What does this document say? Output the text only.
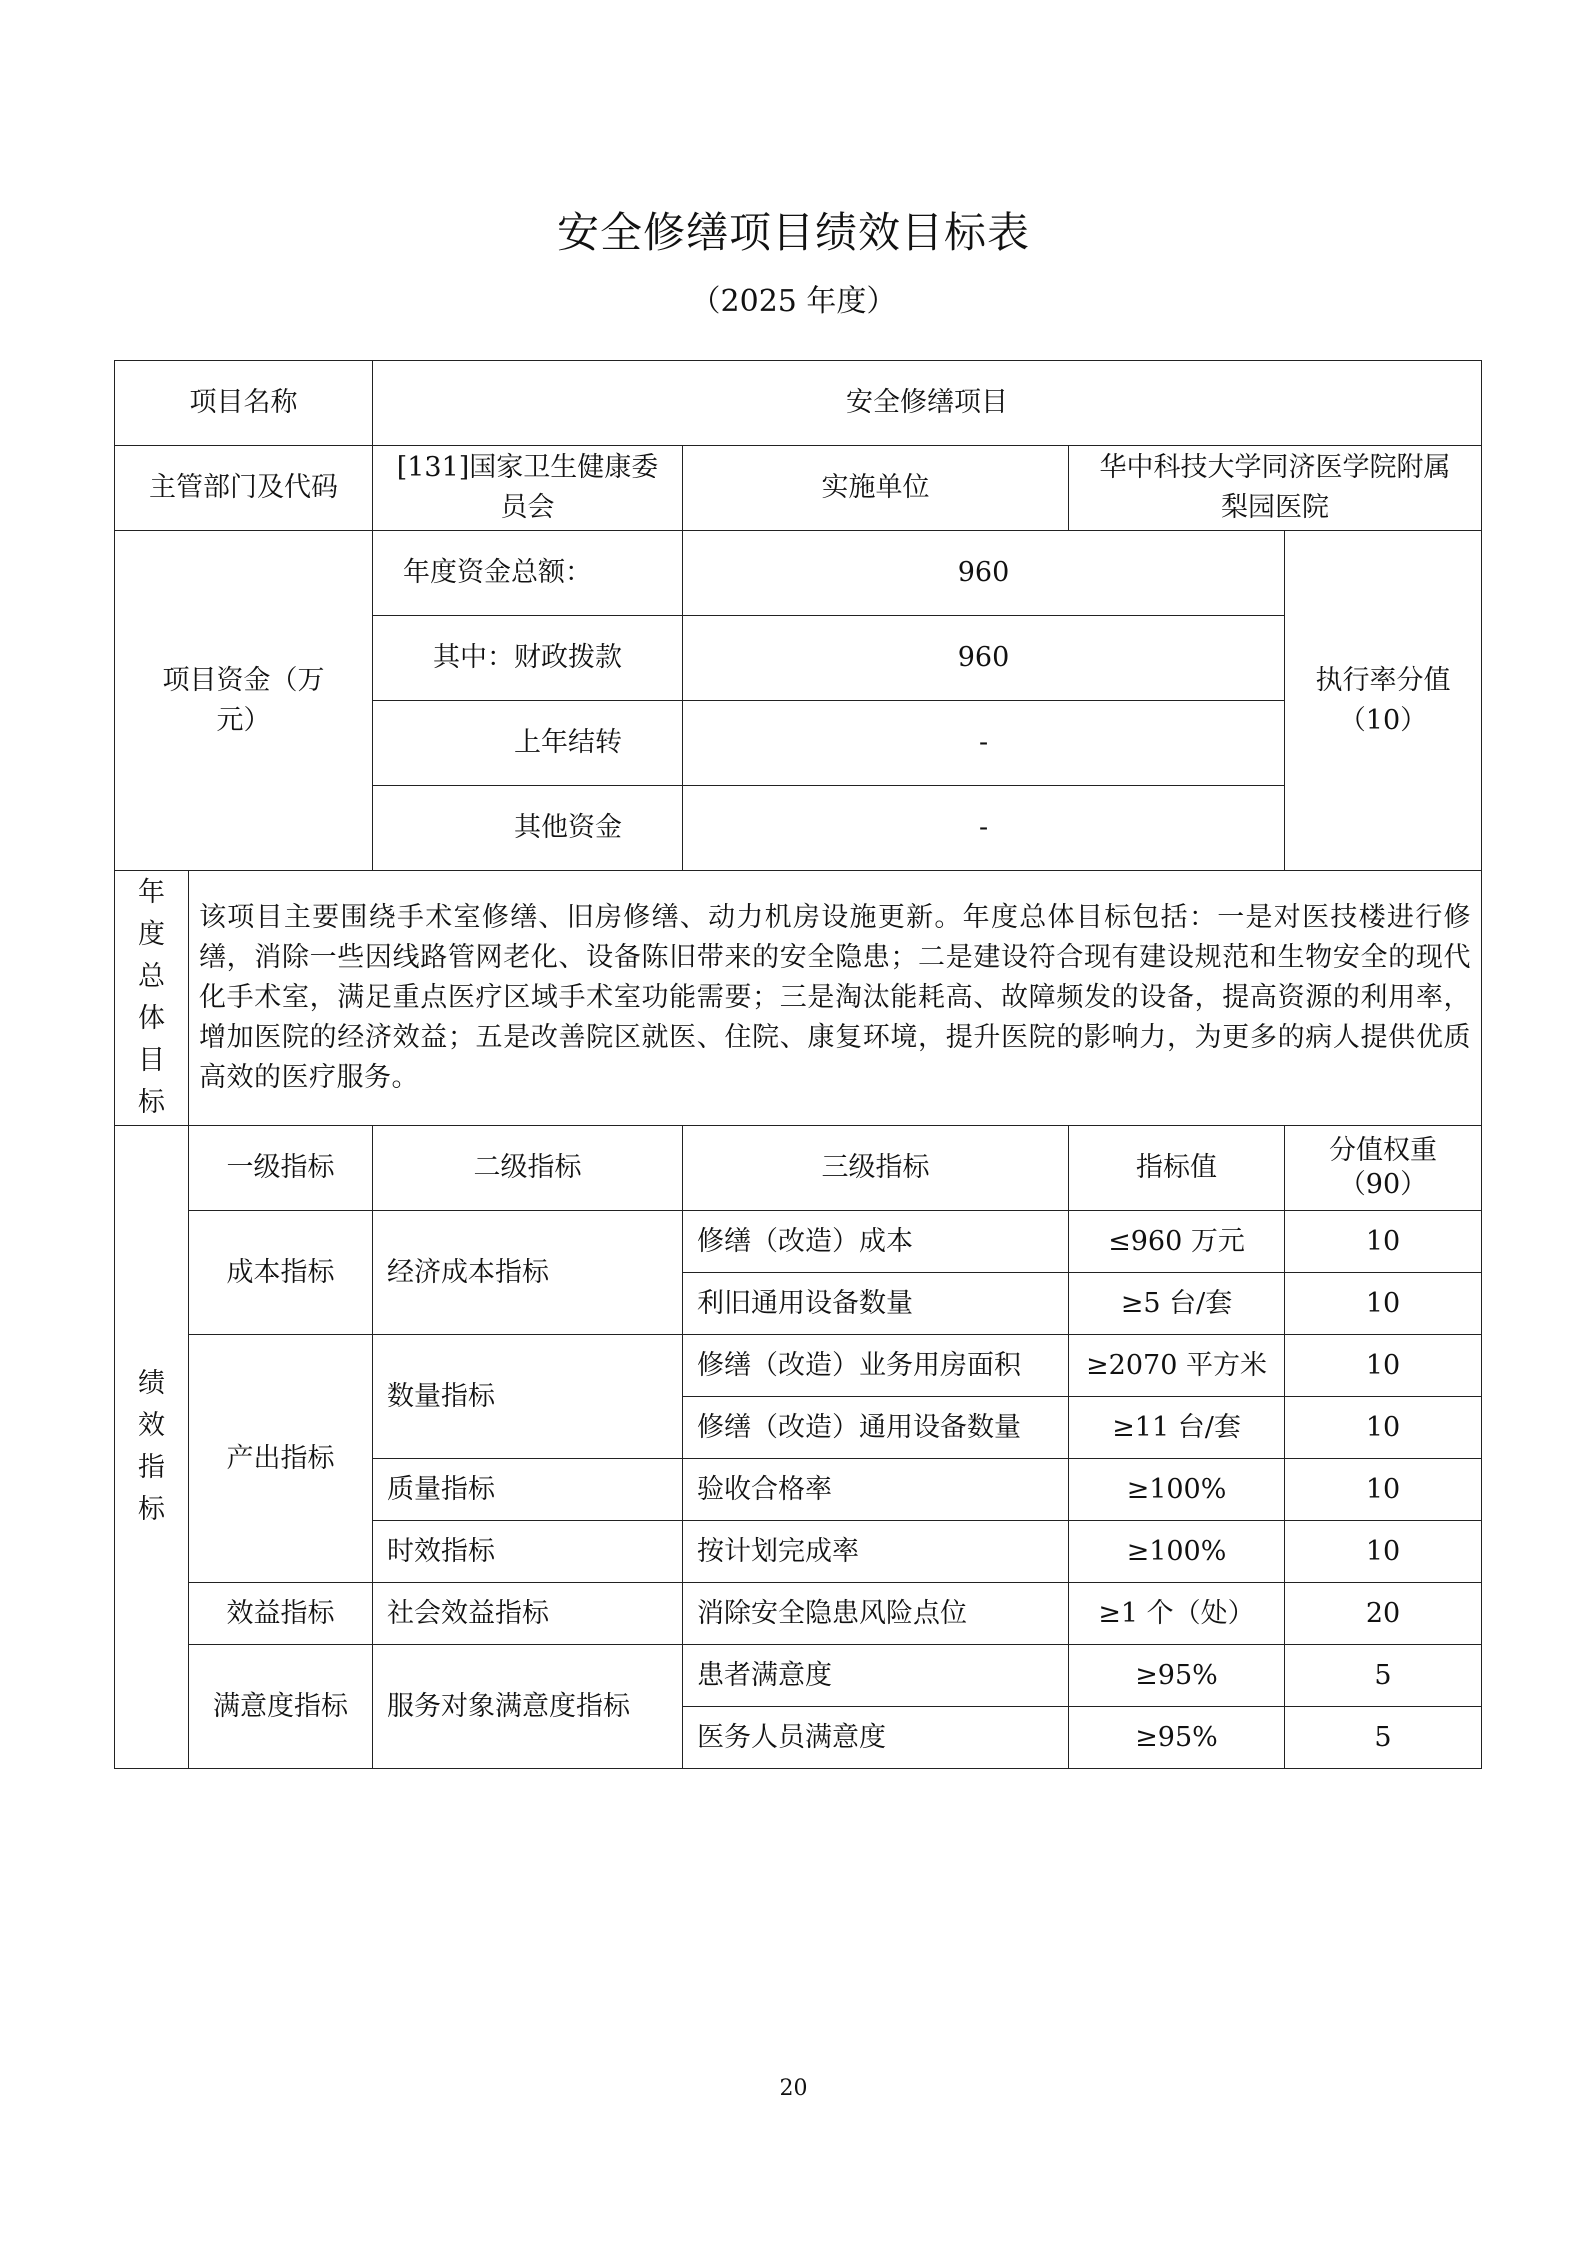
安全修缮项目绩效目标表
（2025 年度）
项目名称		安全修缮项目			
主管部门及代码		[131]国家卫生健康委员会	实施单位	华中科技大学同济医学院附属梨园医院	
项目资金（万元）		年度资金总额：	960		执行率分值（10）
		其中：财政拨款	960		
		上年结转	-		
		其他资金	-		

年度总体目标	该项目主要围绕手术室修缮、旧房修缮、动力机房设施更新。年度总体目标包括：一是对医技楼进行修缮，消除一些因线路管网老化、设备陈旧带来的安全隐患；二是建设符合现有建设规范和生物安全的现代化手术室，满足重点医疗区域手术室功能需要；三是淘汰能耗高、故障频发的设备，提高资源的利用率，增加医院的经济效益；五是改善院区就医、住院、康复环境，提升医院的影响力，为更多的病人提供优质高效的医疗服务。				

绩效指标	一级指标	二级指标	三级指标	指标值	分值权重（90）
	成本指标	经济成本指标	修缮（改造）成本	≤960 万元	10
			利旧通用设备数量	≥5 台/套	10
	产出指标	数量指标	修缮（改造）业务用房面积	≥2070 平方米	10
			修缮（改造）通用设备数量	≥11 台/套	10
		质量指标	验收合格率	≥100%	10
		时效指标	按计划完成率	≥100%	10
	效益指标	社会效益指标	消除安全隐患风险点位	≥1 个（处）	20
	满意度指标	服务对象满意度指标	患者满意度	≥95%	5
			医务人员满意度	≥95%	5
20
